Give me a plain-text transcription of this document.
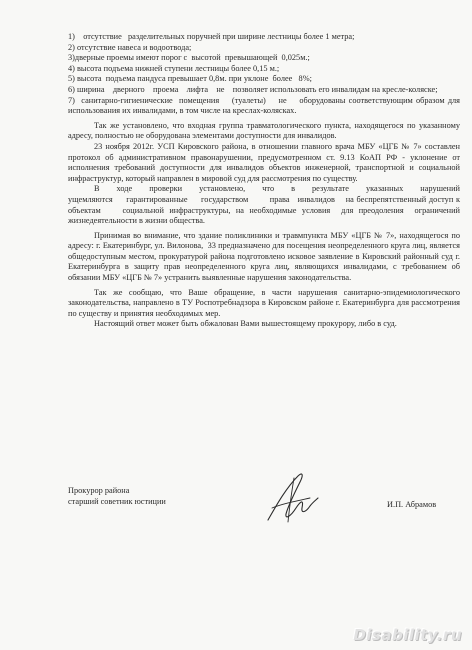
1)    отсутствие   разделительных поручней при ширине лестницы более 1 метра;

2) отсутствие навеса и водоотвода;

3)дверные проемы имеют порог с  высотой  превышающей  0,025м.;

4) высота подъема нижней ступени лестницы более 0,15 м.;

5) высота  подъема пандуса превышает 0,8м. при уклоне  более   8%;

6) ширина    дверного    проема    лифта    не    позволяет использовать его инвалидам на кресле-коляске;

7)  санитарно-гигиенические  помещения    (туалеты)    не    оборудованы соответствующим образом для использования их инвалидами, в том числе на креслах-колясках.

Так же установлено, что входная группа травматологического пункта, находящегося по указанному адресу, полностью не оборудована элементами доступности для инвалидов.

23 ноября 2012г. УСП Кировского района, в отношении главного врача МБУ «ЦГБ № 7» составлен протокол об административном правонарушении, предусмотренном ст. 9.13 КоАП РФ - уклонение от исполнения требований доступности для инвалидов объектов инженерной, транспортной и социальной инфраструктур, который направлен в мировой суд для рассмотрения по существу.

В ходе проверки установлено, что в результате указанных нарушений ущемляются     гарантированные     государством        права   инвалидов    на беспрепятственный доступ к объектам    социальной инфраструктуры, на необходимые условия  для преодоления  ограничений жизнедеятельности в жизни общества.

Принимая во внимание, что здание поликлиники и травмпункта МБУ «ЦГБ № 7», находящегося по адресу: г. Екатеринбург, ул. Вилонова,  33 предназначено для посещения неопределенного круга лиц, является общедоступным местом, прокуратурой района подготовлено исковое заявление в Кировский районный суд г. Екатеринбурга в защиту прав неопределенного круга лиц, являющихся инвалидами, с требованием об обязании МБУ «ЦГБ № 7» устранить выявленные нарушения законодательства.

Так же сообщаю, что Ваше обращение, в части нарушения санитарно-эпидемиологического законодательства, направлено в ТУ Роспотребнадзора в Кировском районе г. Екатеринбурга для рассмотрения по существу и принятия необходимых мер.

Настоящий ответ может быть обжалован Вами вышестоящему прокурору, либо в суд.

Прокурор района
старший советник юстиции	И.П. Абрамов
Disability.ru
